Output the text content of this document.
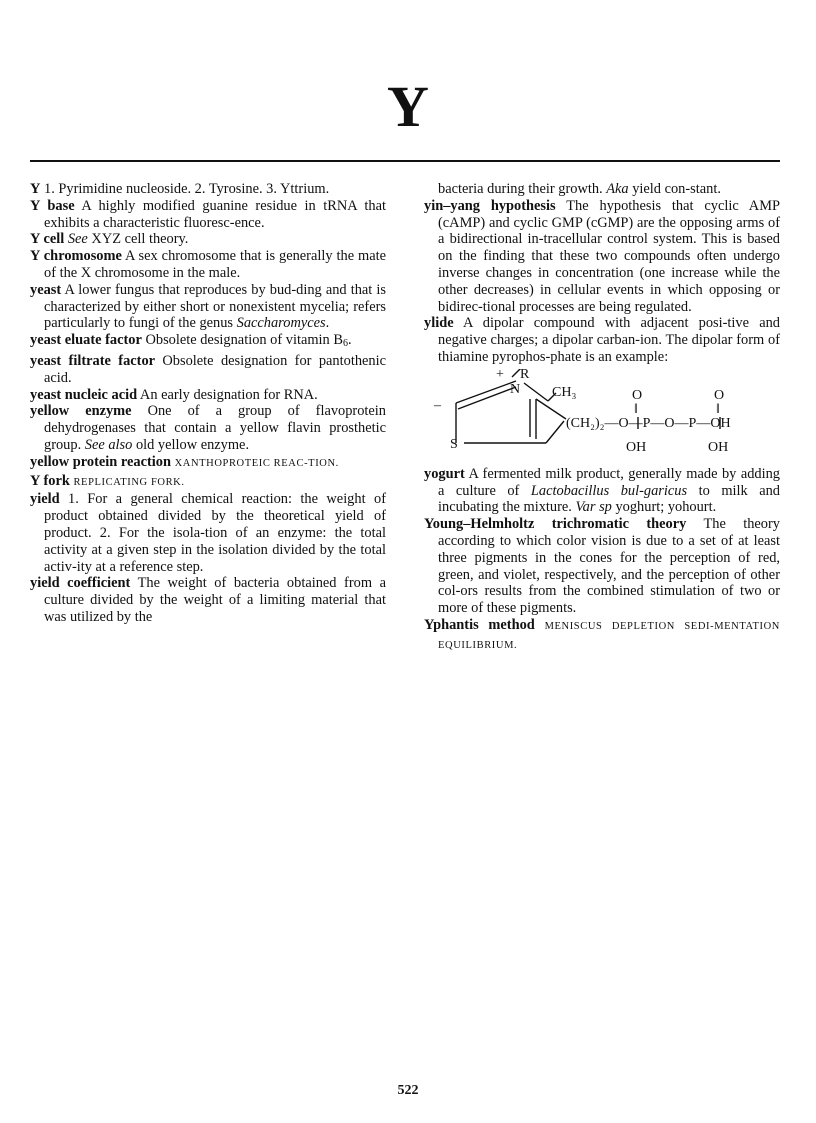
Y

Y 1. Pyrimidine nucleoside. 2. Tyrosine. 3. Yttrium.

Y base A highly modified guanine residue in tRNA that exhibits a characteristic fluoresc-ence.

Y cell See XYZ cell theory.

Y chromosome A sex chromosome that is generally the mate of the X chromosome in the male.

yeast A lower fungus that reproduces by bud-ding and that is characterized by either short or nonexistent mycelia; refers particularly to fungi of the genus Saccharomyces.

yeast eluate factor Obsolete designation of vitamin $B_6$.

yeast filtrate factor Obsolete designation for pantothenic acid.

yeast nucleic acid An early designation for RNA.

yellow enzyme One of a group of flavoprotein dehydrogenases that contain a yellow flavin prosthetic group. See also old yellow enzyme.

yellow protein reaction XANTHOPROTEIC REAC-TION.

Y fork REPLICATING FORK.

yield 1. For a general chemical reaction: the weight of product obtained divided by the theoretical yield of product. 2. For the isola-tion of an enzyme: the total activity at a given step in the isolation divided by the total activ-ity at a reference step.

yield coefficient The weight of bacteria obtained from a culture divided by the weight of a limiting material that was utilized by the

bacteria during their growth. Aka yield con-stant.

yin–yang hypothesis The hypothesis that cyclic AMP (cAMP) and cyclic GMP (cGMP) are the opposing arms of a bidirectional in-tracellular control system. This is based on the finding that these two compounds often undergo inverse changes in concentration (one increase while the other decreases) in cellular events in which opposing or bidirec-tional processes are being regulated.

ylide A dipolar compound with adjacent posi-tive and negative charges; a dipolar carban-ion. The dipolar form of thiamine pyrophos-phate is an example:

+ R
N CH₃
–
S
O	O
‖	‖
(CH₂)₂—O—P—O—P—OH
OH	OH

yogurt A fermented milk product, generally made by adding a culture of Lactobacillus bul-garicus to milk and incubating the mixture. Var sp yoghurt; yohourt.

Young–Helmholtz trichromatic theory The theory according to which color vision is due to a set of at least three pigments in the cones for the perception of red, green, and violet, respectively, and the perception of other col-ors results from the combined stimulation of two or more of these pigments.

Yphantis method MENISCUS DEPLETION SEDI-MENTATION EQUILIBRIUM.

522
